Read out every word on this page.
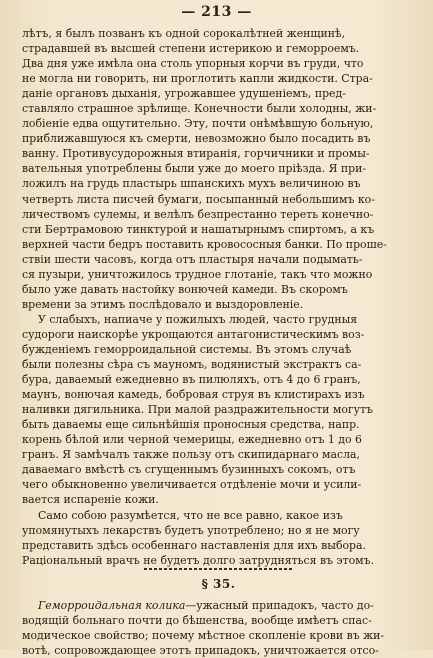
— 213 —

лѣтъ, я былъ позванъ къ одной сорокалѣтней женщинѣ,
страдавшей въ высшей степени истерикою и геморроемъ.
Два дня уже имѣла она столь упорныя корчи въ груди, что
не могла ни говорить, ни проглотить капли жидкости. Стра-
даніе органовъ дыханія, угрожавшее удушеніемъ, пред-
ставляло страшное зрѣлище. Конечности были холодны, жи-
лобіеніе едва ощутительно. Эту, почти онѣмѣвшую больную,
приближавшуюся къ смерти, невозможно было посадить въ
ванну. Противусудорожныя втиранія, горчичники и промы-
вательныя употреблены были уже до моего пріѣзда. Я при-
ложилъ на грудь пластырь шпанскихъ мухъ величиною въ
четверть листа писчей бумаги, посыпанный небольшимъ ко-
личествомъ сулемы, и велѣлъ безпрестанно тереть конечно-
сти Бертрамовою тинктурой и нашатырнымъ спиртомъ, а къ
верхней части бедръ поставить кровососныя банки. По проше-
ствіи шести часовъ, когда отъ пластыря начали подымать-
ся пузыри, уничтожилось трудное глотаніе, такъ что можно
было уже давать настойку вонючей камеди. Въ скоромъ
времени за этимъ послѣдовало и выздоровленіе.

У слабыхъ, напиаче у пожилыхъ людей, часто грудныя
судороги наискорѣе укрощаются антагонистическимъ воз-
бужденіемъ геморроидальной системы. Въ этомъ случаѣ
были полезны сѣра съ мауномъ, водянистый экстрактъ са-
бура, даваемый ежедневно въ пилюляхъ, отъ 4 до 6 гранъ,
маунъ, вонючая камедь, бобровая струя въ клистирахъ изъ
наливки дягильника. При малой раздражительности могутъ
быть даваемы еще сильнѣйшія проносныя средства, напр.
корень бѣлой или черной чемерицы, ежедневно отъ 1 до 6
гранъ. Я замѣчалъ также пользу отъ скипидарнаго масла,
даваемаго вмѣстѣ съ сгущеннымъ бузинныхъ сокомъ, отъ
чего обыкновенно увеличивается отдѣленіе мочи и усили-
вается испареніе кожи.

Само собою разумѣется, что не все равно, какое изъ
упомянутыхъ лекарствъ будетъ употреблено; но я не могу
представить здѣсь особеннаго наставленія для ихъ выбора.
Раціональный врачъ не будетъ долго затрудняться въ этомъ.

§ 35.

Геморроидальная колика—ужасный припадокъ, часто до-
водящій больнаго почти до бѣшенства, вообще имѣетъ спас-
модическое свойство; почему мѣстное скопленіе крови въ жи-
вотѣ, сопровождающее этотъ припадокъ, уничтожается отсо-
